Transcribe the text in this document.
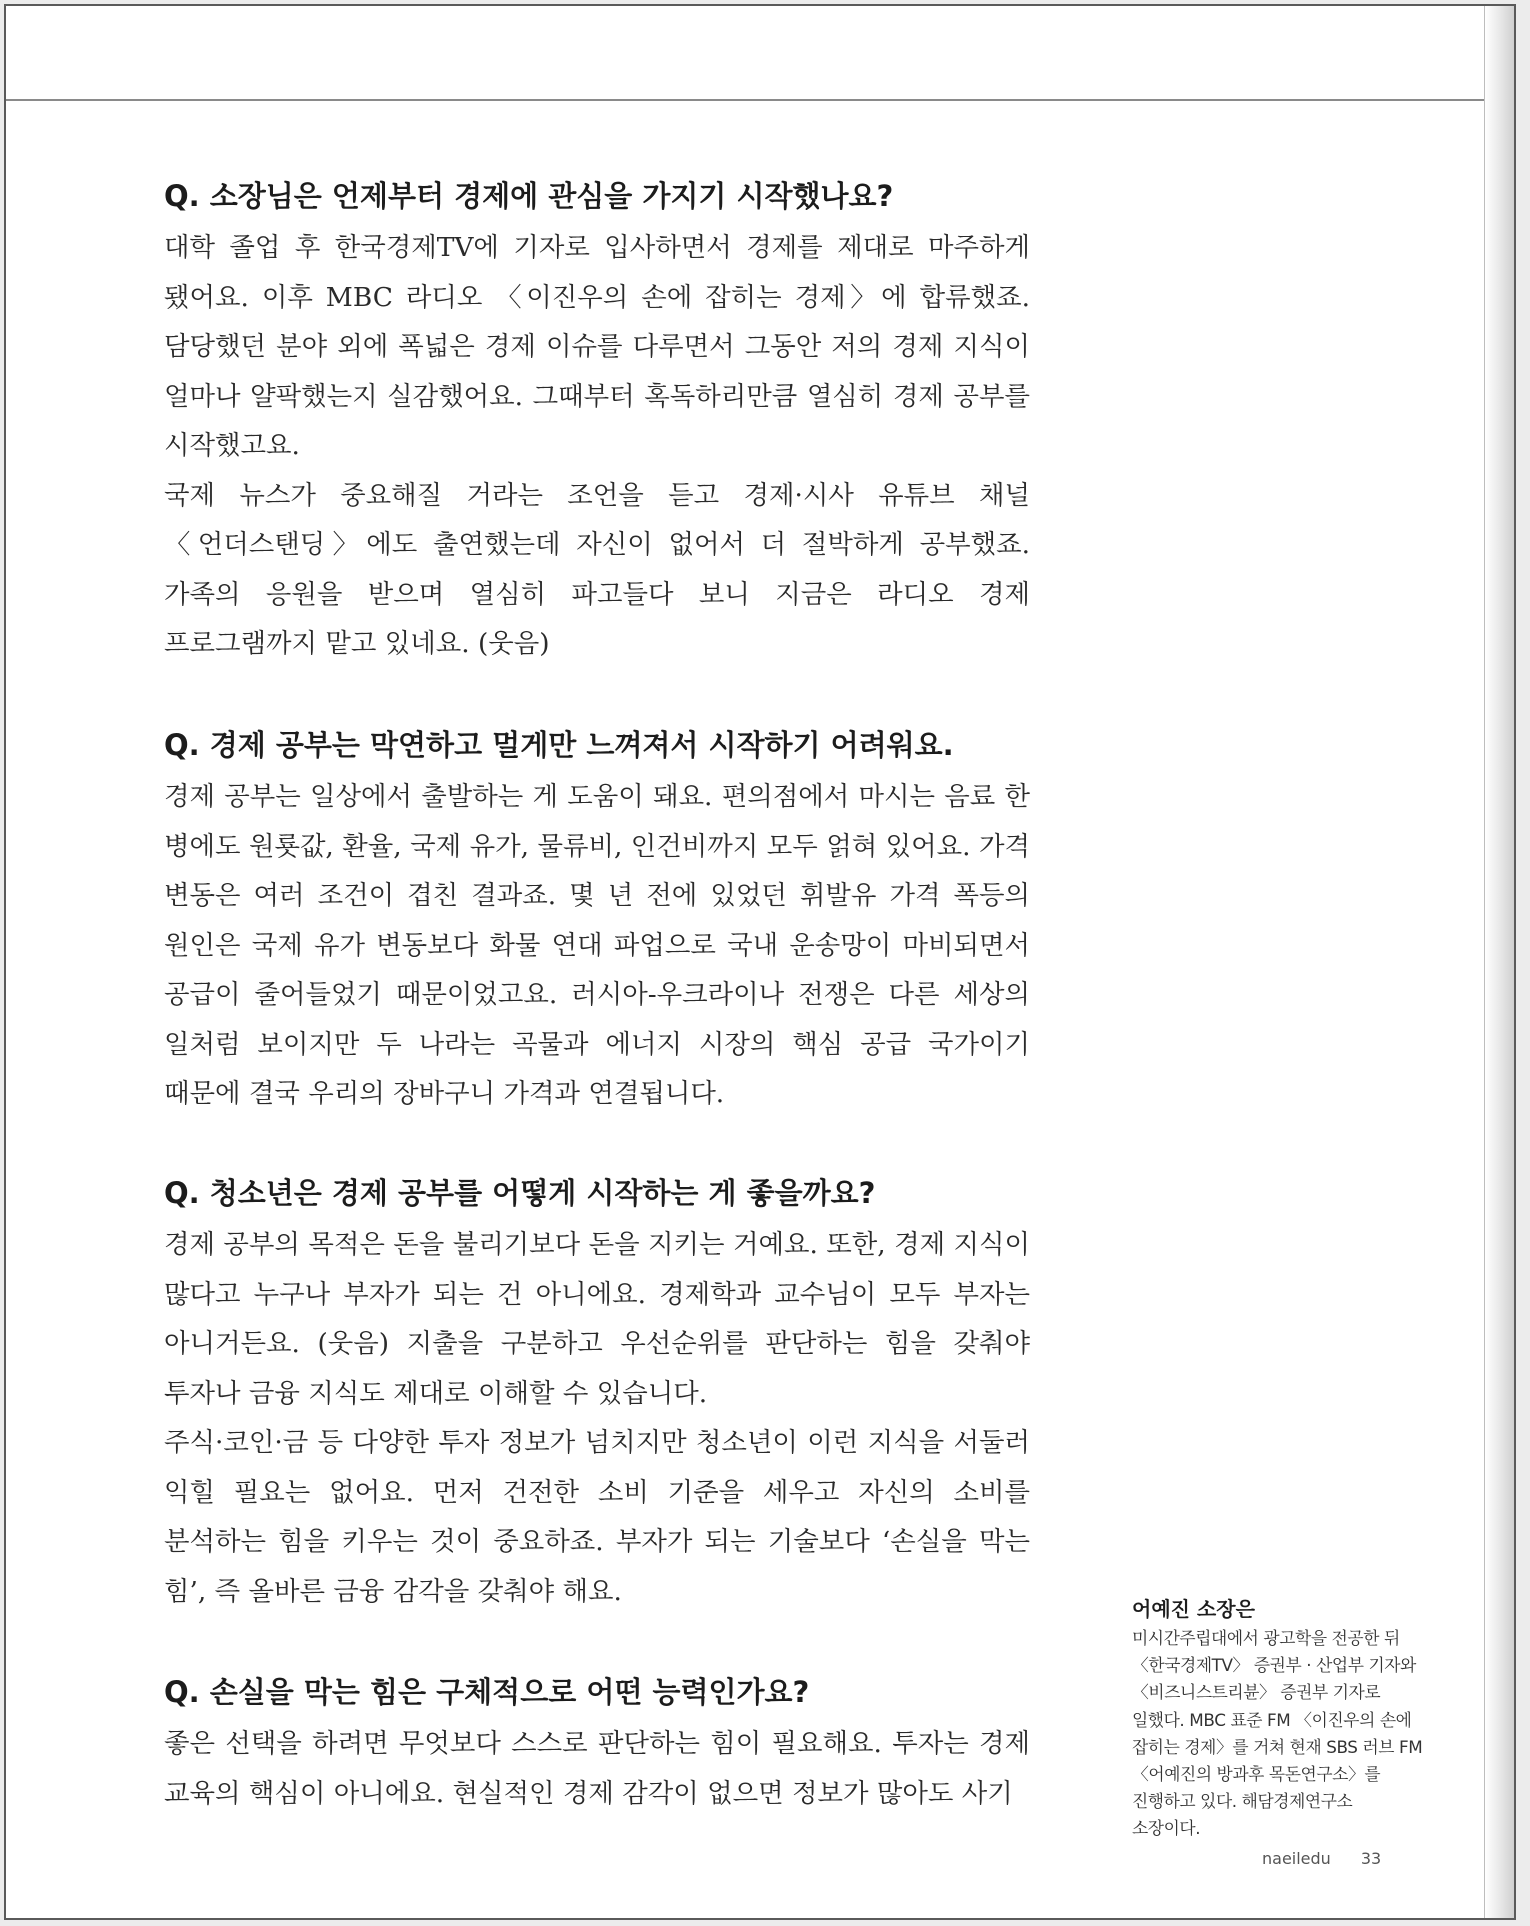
Q. 소장님은 언제부터 경제에 관심을 가지기 시작했나요?

대학 졸업 후 한국경제TV에 기자로 입사하면서 경제를 제대로 마주하게 됐어요. 이후 MBC 라디오 〈이진우의 손에 잡히는 경제〉에 합류했죠. 담당했던 분야 외에 폭넓은 경제 이슈를 다루면서 그동안 저의 경제 지식이 얼마나 얄팍했는지 실감했어요. 그때부터 혹독하리만큼 열심히 경제 공부를 시작했고요.

국제 뉴스가 중요해질 거라는 조언을 듣고 경제·시사 유튜브 채널 〈언더스탠딩〉에도 출연했는데 자신이 없어서 더 절박하게 공부했죠. 가족의 응원을 받으며 열심히 파고들다 보니 지금은 라디오 경제 프로그램까지 맡고 있네요. (웃음)

Q. 경제 공부는 막연하고 멀게만 느껴져서 시작하기 어려워요.

경제 공부는 일상에서 출발하는 게 도움이 돼요. 편의점에서 마시는 음료 한 병에도 원룟값, 환율, 국제 유가, 물류비, 인건비까지 모두 얽혀 있어요. 가격 변동은 여러 조건이 겹친 결과죠. 몇 년 전에 있었던 휘발유 가격 폭등의 원인은 국제 유가 변동보다 화물 연대 파업으로 국내 운송망이 마비되면서 공급이 줄어들었기 때문이었고요. 러시아-우크라이나 전쟁은 다른 세상의 일처럼 보이지만 두 나라는 곡물과 에너지 시장의 핵심 공급 국가이기 때문에 결국 우리의 장바구니 가격과 연결됩니다.

Q. 청소년은 경제 공부를 어떻게 시작하는 게 좋을까요?

경제 공부의 목적은 돈을 불리기보다 돈을 지키는 거예요. 또한, 경제 지식이 많다고 누구나 부자가 되는 건 아니에요. 경제학과 교수님이 모두 부자는 아니거든요. (웃음) 지출을 구분하고 우선순위를 판단하는 힘을 갖춰야 투자나 금융 지식도 제대로 이해할 수 있습니다.

주식·코인·금 등 다양한 투자 정보가 넘치지만 청소년이 이런 지식을 서둘러 익힐 필요는 없어요. 먼저 건전한 소비 기준을 세우고 자신의 소비를 분석하는 힘을 키우는 것이 중요하죠. 부자가 되는 기술보다 ‘손실을 막는 힘’, 즉 올바른 금융 감각을 갖춰야 해요.

Q. 손실을 막는 힘은 구체적으로 어떤 능력인가요?

좋은 선택을 하려면 무엇보다 스스로 판단하는 힘이 필요해요. 투자는 경제 교육의 핵심이 아니에요. 현실적인 경제 감각이 없으면 정보가 많아도 사기

어예진 소장은

미시간주립대에서 광고학을 전공한 뒤 〈한국경제TV〉 증권부 · 산업부 기자와 〈비즈니스트리뷴〉 증권부 기자로 일했다. MBC 표준 FM 〈이진우의 손에 잡히는 경제〉를 거쳐 현재 SBS 러브 FM 〈어예진의 방과후 목돈연구소〉를 진행하고 있다. 해담경제연구소 소장이다.

naeiledu 33
